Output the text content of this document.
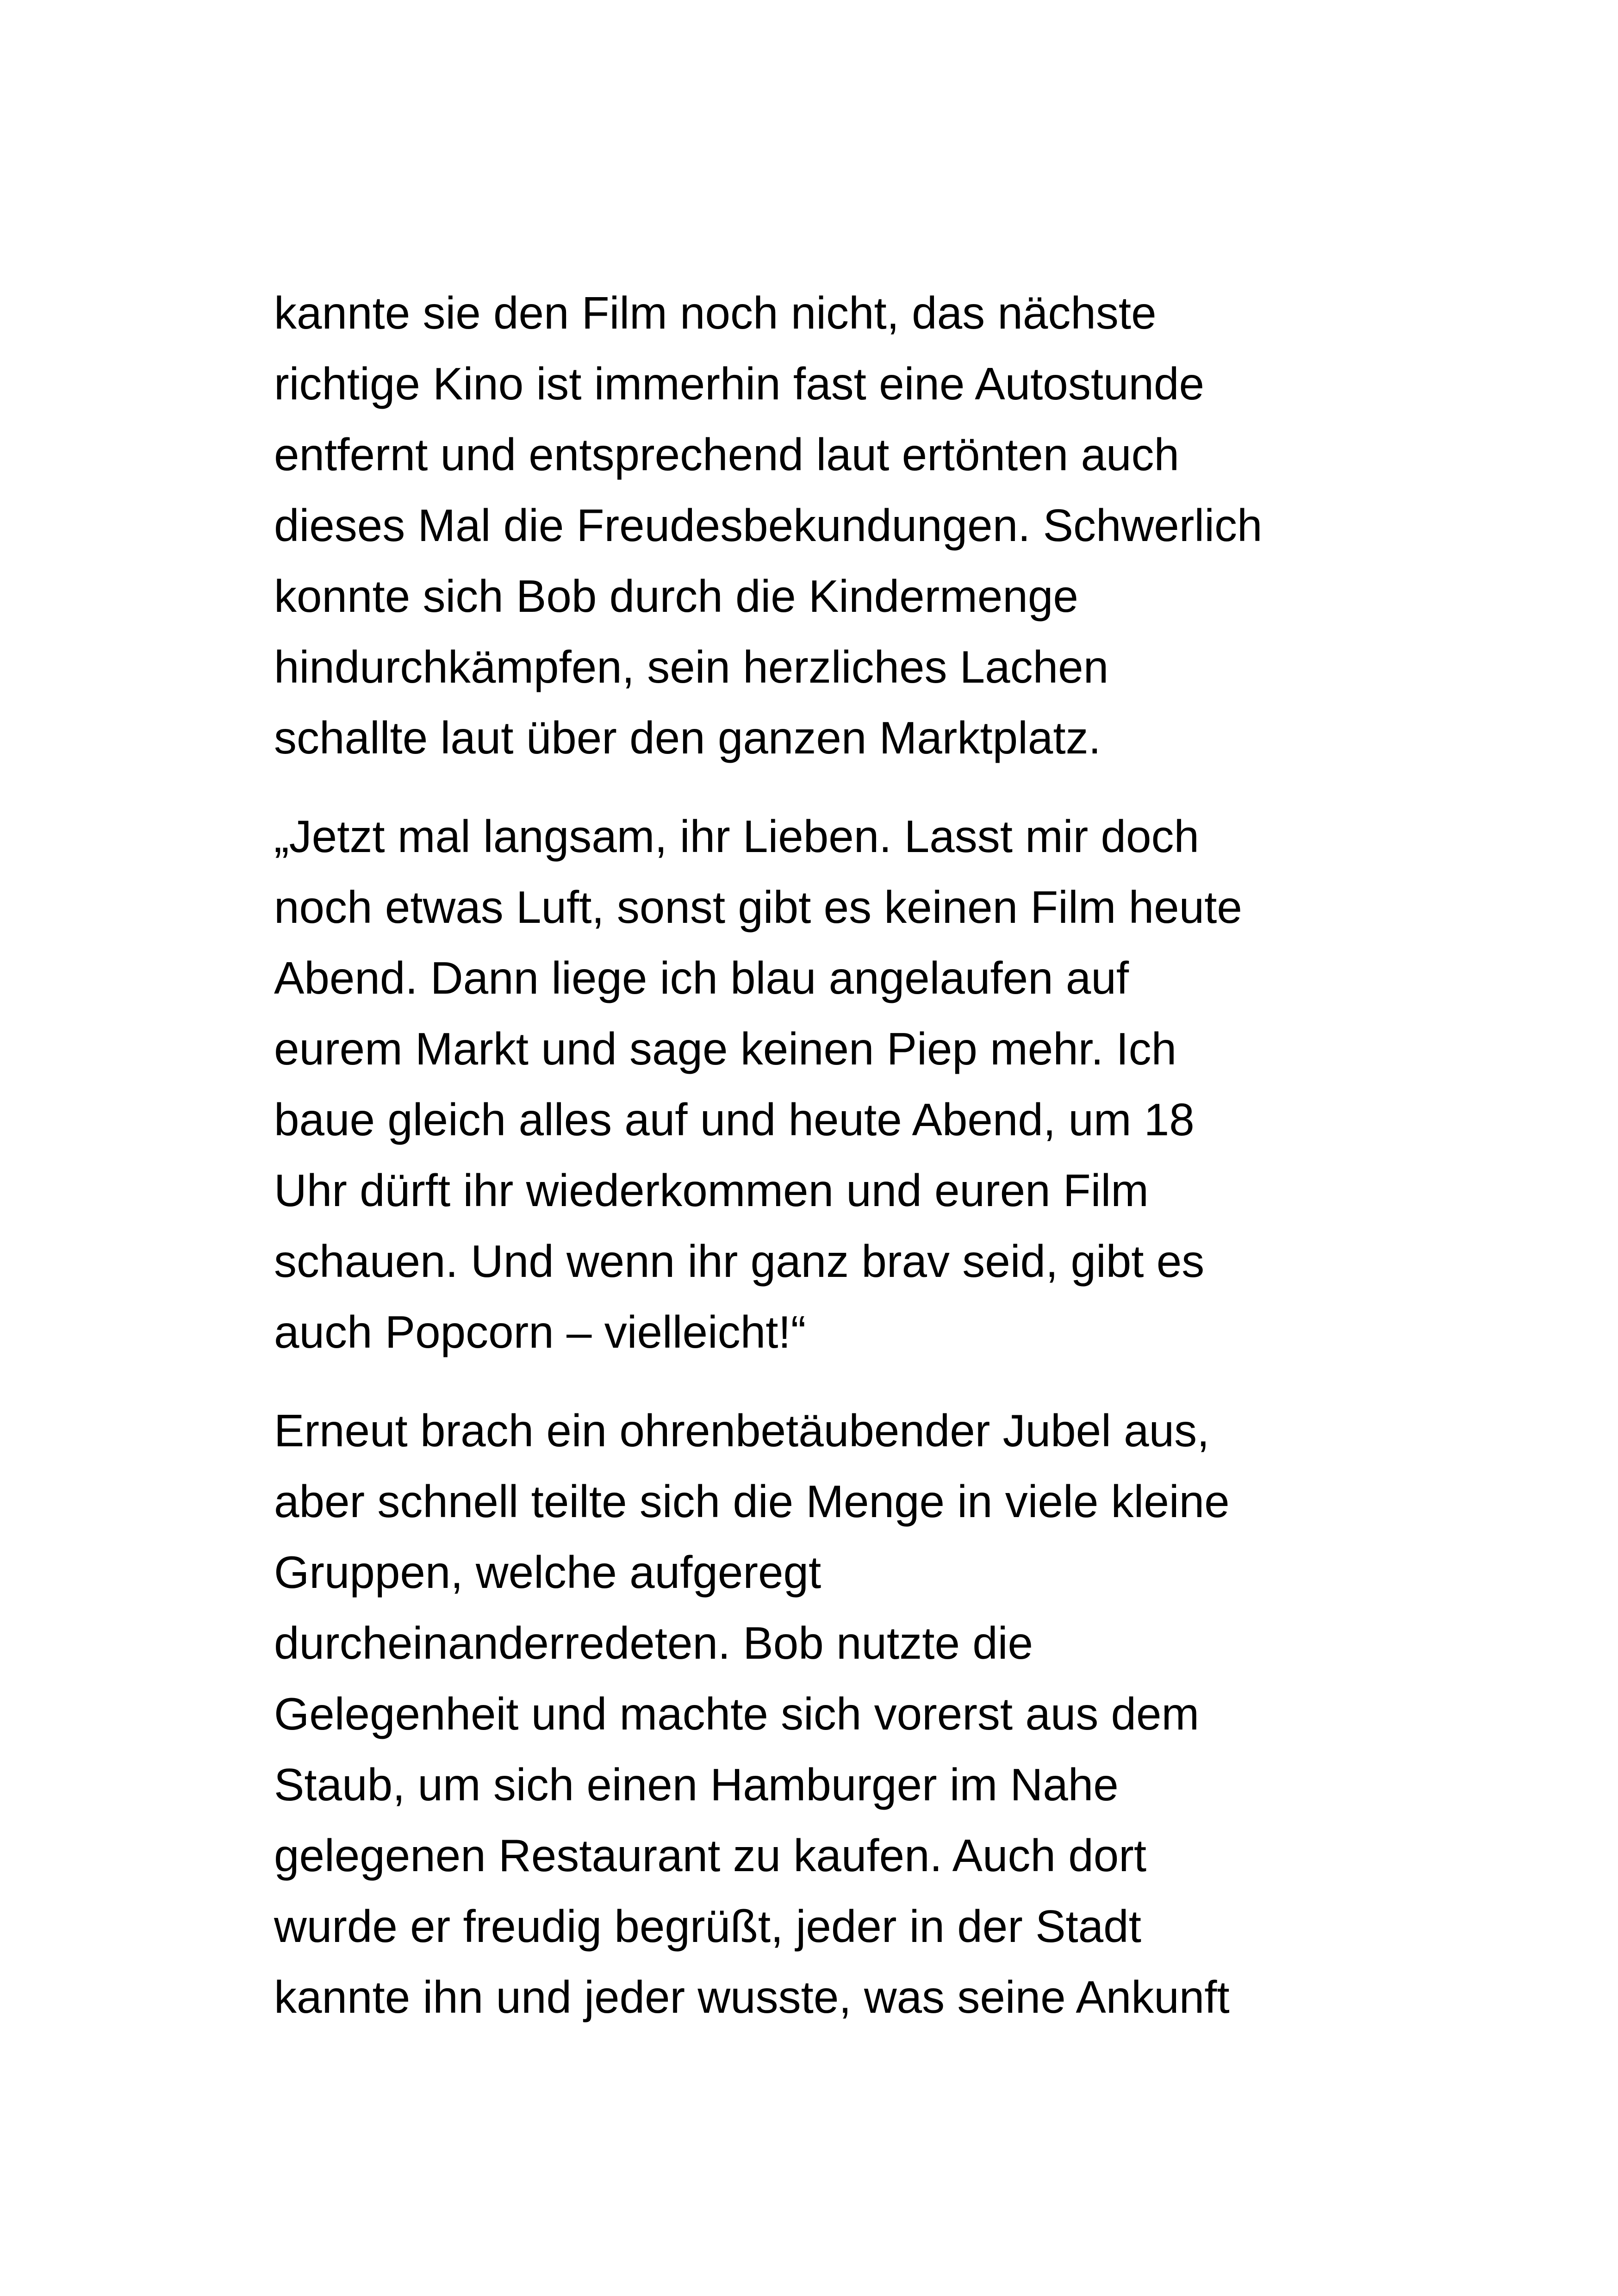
kannte sie den Film noch nicht, das nächste
richtige Kino ist immerhin fast eine Autostunde
entfernt und entsprechend laut ertönten auch
dieses Mal die Freudesbekundungen. Schwerlich
konnte sich Bob durch die Kindermenge
hindurchkämpfen, sein herzliches Lachen
schallte laut über den ganzen Marktplatz.

„Jetzt mal langsam, ihr Lieben. Lasst mir doch
noch etwas Luft, sonst gibt es keinen Film heute
Abend. Dann liege ich blau angelaufen auf
eurem Markt und sage keinen Piep mehr. Ich
baue gleich alles auf und heute Abend, um 18
Uhr dürft ihr wiederkommen und euren Film
schauen. Und wenn ihr ganz brav seid, gibt es
auch Popcorn – vielleicht!“

Erneut brach ein ohrenbetäubender Jubel aus,
aber schnell teilte sich die Menge in viele kleine
Gruppen, welche aufgeregt
durcheinanderredeten. Bob nutzte die
Gelegenheit und machte sich vorerst aus dem
Staub, um sich einen Hamburger im Nahe
gelegenen Restaurant zu kaufen. Auch dort
wurde er freudig begrüßt, jeder in der Stadt
kannte ihn und jeder wusste, was seine Ankunft
